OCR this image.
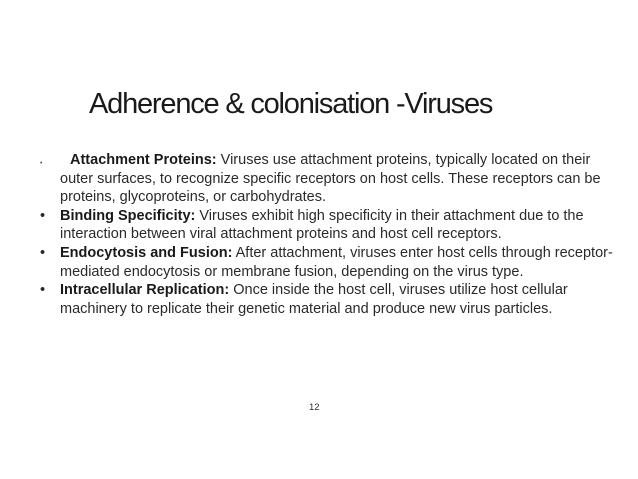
Adherence & colonisation -Viruses
• Attachment Proteins: Viruses use attachment proteins, typically located on their outer surfaces, to recognize specific receptors on host cells. These receptors can be proteins, glycoproteins, or carbohydrates.
•	Binding Specificity: Viruses exhibit high specificity in their attachment due to the interaction between viral attachment proteins and host cell receptors.
•	Endocytosis and Fusion: After attachment, viruses enter host cells through receptor-mediated endocytosis or membrane fusion, depending on the virus type.
•	Intracellular Replication: Once inside the host cell, viruses utilize host cellular machinery to replicate their genetic material and produce new virus particles.
12
